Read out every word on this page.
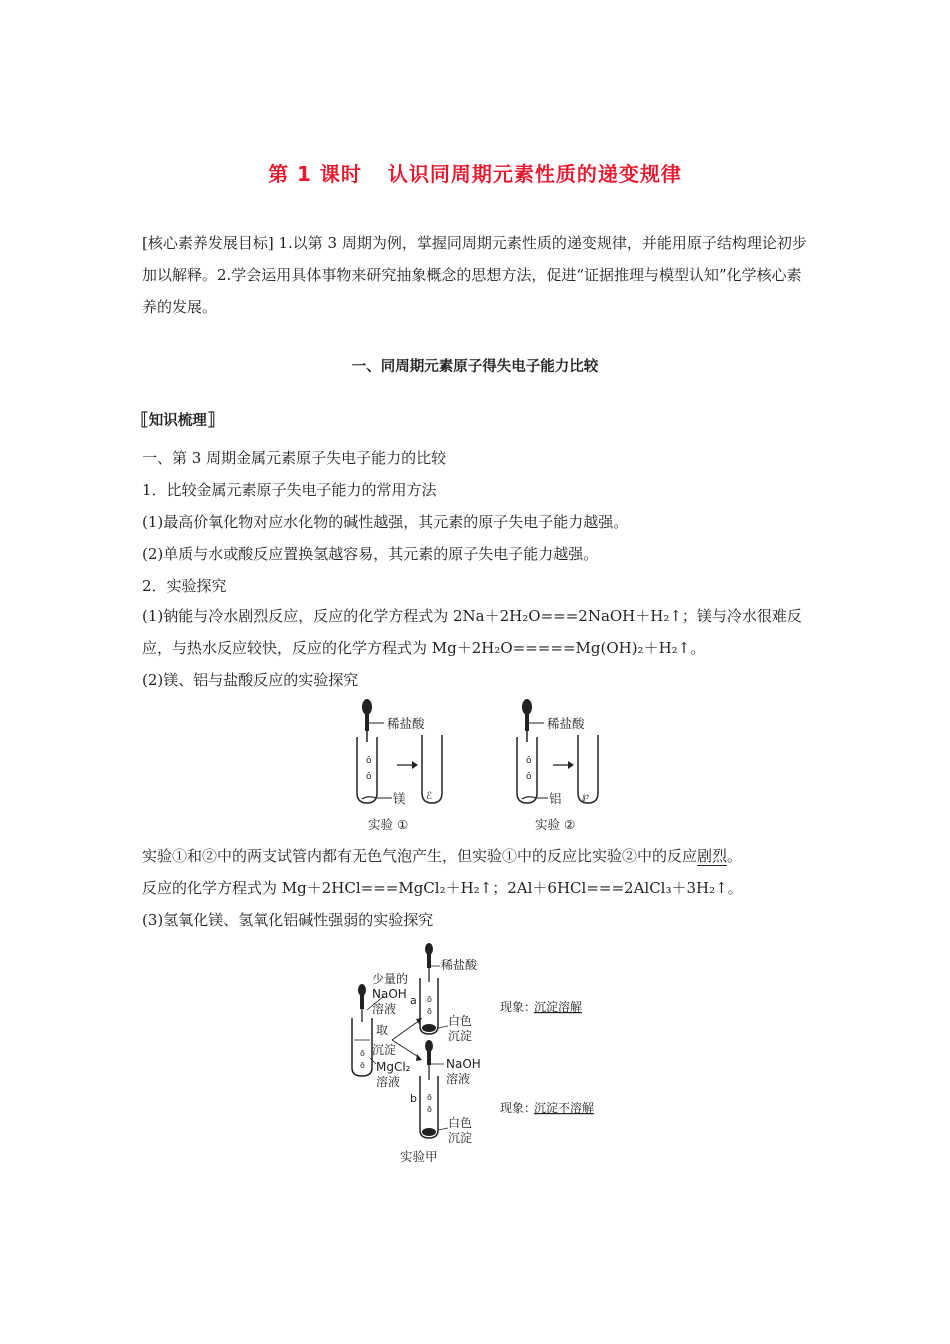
第 1 课时 认识同周期元素性质的递变规律
[核心素养发展目标] 1.以第 3 周期为例，掌握同周期元素性质的递变规律，并能用原子结构理论初步加以解释。2.学会运用具体事物来研究抽象概念的思想方法，促进“证据推理与模型认知”化学核心素养的发展。
一、同周期元素原子得失电子能力比较
⟦知识梳理⟧
一、第 3 周期金属元素原子失电子能力的比较
1．比较金属元素原子失电子能力的常用方法
(1)最高价氧化物对应水化物的碱性越强，其元素的原子失电子能力越强。
(2)单质与水或酸反应置换氢越容易，其元素的原子失电子能力越强。
2．实验探究
(1)钠能与冷水剧烈反应，反应的化学方程式为 2Na＋2H₂O===2NaOH＋H₂↑；镁与冷水很难反
应，与热水反应较快，反应的化学方程式为 Mg＋2H₂O=====Mg(OH)₂＋H₂↑。
(2)镁、铝与盐酸反应的实验探究
ō
ō
ℰ
稀盐酸
镁
实验 ①
ō
ō
℘
稀盐酸
铝
实验 ②
实验①和②中的两支试管内都有无色气泡产生，但实验①中的反应比实验②中的反应剧烈。
反应的化学方程式为 Mg＋2HCl===MgCl₂＋H₂↑；2Al＋6HCl===2AlCl₃＋3H₂↑。
(3)氢氧化镁、氢氧化铝碱性强弱的实验探究
ō
ō
少量的
NaOH
溶液
取
沉淀
MgCl₂
溶液
ō
ō
稀盐酸
a
白色
沉淀
ō
ō
NaOH
溶液
b
白色
沉淀
实验甲
现象：
沉淀溶解
现象：
沉淀不溶解
